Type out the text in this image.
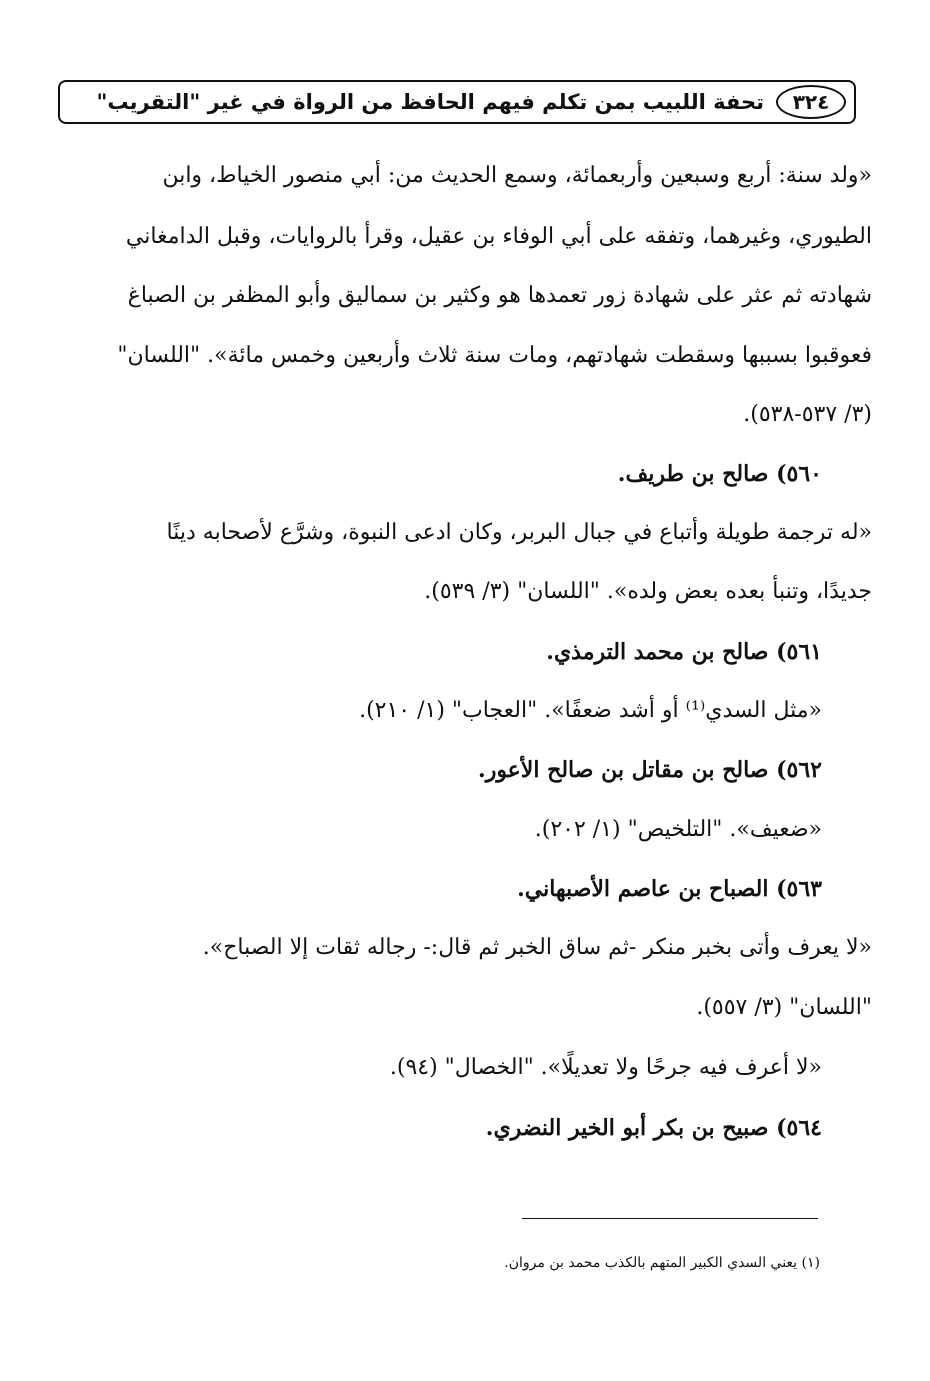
تحفة اللبيب بمن تكلم فيهم الحافظ من الرواة في غير "التقريب"	٣٢٤
«ولد سنة: أربع وسبعين وأربعمائة، وسمع الحديث من: أبي منصور الخياط، وابن
الطيوري، وغيرهما، وتفقه على أبي الوفاء بن عقيل، وقرأ بالروايات، وقبل الدامغاني
شهادته ثم عثر على شهادة زور تعمدها هو وكثير بن سماليق وأبو المظفر بن الصباغ
فعوقبوا بسببها وسقطت شهادتهم، ومات سنة ثلاث وأربعين وخمس مائة». "اللسان"
(٣/ ٥٣٧-٥٣٨).
٥٦٠) صالح بن طريف.
«له ترجمة طويلة وأتباع في جبال البربر، وكان ادعى النبوة، وشرَّع لأصحابه دينًا
جديدًا، وتنبأ بعده بعض ولده». "اللسان" (٣/ ٥٣٩).
٥٦١) صالح بن محمد الترمذي.
«مثل السدي⁽¹⁾ أو أشد ضعفًا». "العجاب" (١/ ٢١٠).
٥٦٢) صالح بن مقاتل بن صالح الأعور.
«ضعيف». "التلخيص" (١/ ٢٠٢).
٥٦٣) الصباح بن عاصم الأصبهاني.
«لا يعرف وأتى بخبر منكر -ثم ساق الخبر ثم قال:- رجاله ثقات إلا الصباح».
"اللسان" (٣/ ٥٥٧).
«لا أعرف فيه جرحًا ولا تعديلًا». "الخصال" (٩٤).
٥٦٤) صبيح بن بكر أبو الخير النضري.
(١) يعني السدي الكبير المتهم بالكذب محمد بن مروان.
